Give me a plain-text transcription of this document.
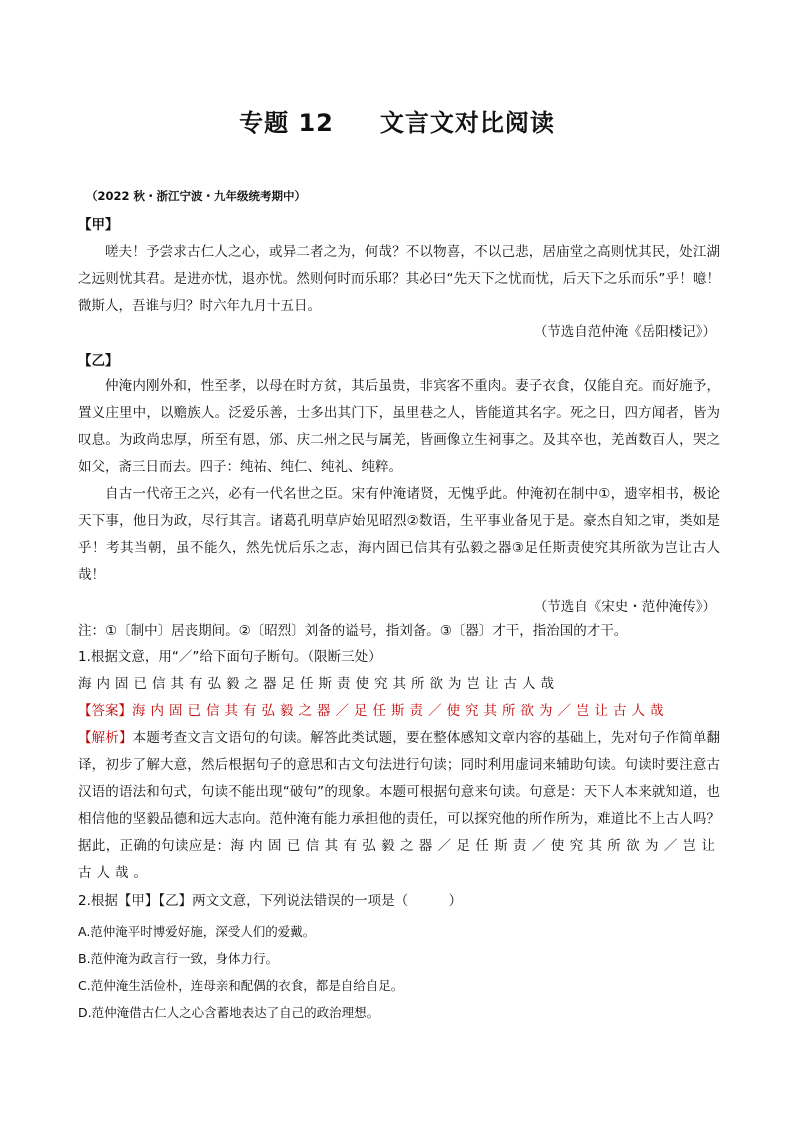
专题 12 文言文对比阅读
（2022 秋・浙江宁波・九年级统考期中）
【甲】

嗟夫！予尝求古仁人之心，或异二者之为，何哉？不以物喜，不以己悲，居庙堂之高则忧其民，处江湖之远则忧其君。是进亦忧，退亦忧。然则何时而乐耶？其必曰“先天下之忧而忧，后天下之乐而乐”乎！噫！微斯人，吾谁与归？时六年九月十五日。

（节选自范仲淹《岳阳楼记》）
【乙】

仲淹内刚外和，性至孝，以母在时方贫，其后虽贵，非宾客不重肉。妻子衣食，仅能自充。而好施予，置义庄里中，以赡族人。泛爱乐善，士多出其门下，虽里巷之人，皆能道其名字。死之日，四方闻者，皆为叹息。为政尚忠厚，所至有恩，邠、庆二州之民与属羌，皆画像立生祠事之。及其卒也，羌酋数百人，哭之如父，斋三日而去。四子：纯祐、纯仁、纯礼、纯粹。

自古一代帝王之兴，必有一代名世之臣。宋有仲淹诸贤，无愧乎此。仲淹初在制中①，遗宰相书，极论天下事，他日为政，尽行其言。诸葛孔明草庐始见昭烈②数语，生平事业备见于是。豪杰自知之审，类如是乎！考其当朝，虽不能久，然先忧后乐之志，海内固已信其有弘毅之器③足任斯责使究其所欲为岂让古人哉！

（节选自《宋史・范仲淹传》）
注：①〔制中〕居丧期间。②〔昭烈〕刘备的谥号，指刘备。③〔器〕才干，指治国的才干。
1.根据文意，用“／”给下面句子断句。（限断三处）
海内固已信其有弘毅之器足任斯责使究其所欲为岂让古人哉
【答案】海内固已信其有弘毅之器／足任斯责／使究其所欲为／岂让古人哉

【解析】本题考查文言文语句的句读。解答此类试题，要在整体感知文章内容的基础上，先对句子作简单翻译，初步了解大意，然后根据句子的意思和古文句法进行句读；同时利用虚词来辅助句读。句读时要注意古汉语的语法和句式，句读不能出现“破句”的现象。本题可根据句意来句读。句意是：天下人本来就知道，也相信他的坚毅品德和远大志向。范仲淹有能力承担他的责任，可以探究他的所作所为，难道比不上古人吗？据此，正确的句读应是：海内固已信其有弘毅之器／足任斯责／使究其所欲为／岂让古人哉。

2.根据【甲】【乙】两文文意，下列说法错误的一项是（　　　）
A.范仲淹平时博爱好施，深受人们的爱戴。
B.范仲淹为政言行一致，身体力行。
C.范仲淹生活俭朴，连母亲和配偶的衣食，都是自给自足。
D.范仲淹借古仁人之心含蓄地表达了自己的政治理想。
